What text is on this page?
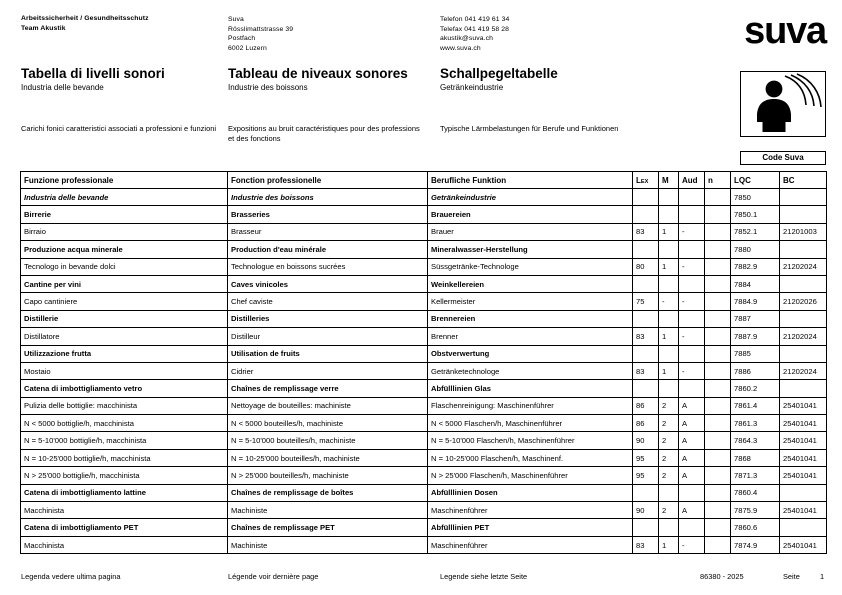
Arbeitssicherheit / Gesundheitsschutz
Team Akustik
Suva
Rösslimattstrasse 39
Postfach
6002 Luzern
Telefon 041 419 61 34
Telefax 041 419 58 28
akustik@suva.ch
www.suva.ch	suva
Tabella di livelli sonori
Industria delle bevande
Tableau de niveaux sonores
Industrie des boissons
Schallpegeltabelle
Getränkeindustrie
Carichi fonici caratteristici associati a professioni e funzioni	Expositions au bruit caractéristiques pour des professions et des fonctions
Typische Lärmbelastungen für Berufe und Funktionen
Code Suva
Funzione professionale	Fonction professionelle	Berufliche Funktion	LEX	M	Aud	n	LQC	BC
Industria delle bevande	Industrie des boissons	Getränkeindustrie					7850	
Birrerie	Brasseries	Brauereien					7850.1	
Birraio	Brasseur	Brauer	83	1	-		7852.1	21201003
Produzione acqua minerale	Production d'eau minérale	Mineralwasser-Herstellung					7880	
Tecnologo in bevande dolci	Technologue en boissons sucrées	Süssgetränke-Technologe	80	1	-		7882.9	21202024
Cantine per vini	Caves vinicoles	Weinkellereien					7884	
Capo cantiniere	Chef caviste	Kellermeister	75	-	-		7884.9	21202026
Distillerie	Distilleries	Brennereien					7887	
Distillatore	Distilleur	Brenner	83	1	-		7887.9	21202024
Utilizzazione frutta	Utilisation de fruits	Obstverwertung					7885	
Mostaio	Cidrier	Getränketechnologe	83	1	-		7886	21202024
Catena di imbottigliamento vetro	Chaînes de remplissage verre	Abfülllinien Glas					7860.2	
Pulizia delle bottiglie: macchinista	Nettoyage de bouteilles: machiniste	Flaschenreinigung: Maschinenführer	86	2	A		7861.4	25401041
N < 5000 bottiglie/h, macchinista	N < 5000 bouteilles/h, machiniste	N < 5000 Flaschen/h, Maschinenführer	86	2	A		7861.3	25401041
N = 5-10'000 bottiglie/h, macchinista	N = 5-10'000 bouteilles/h, machiniste	N = 5-10'000 Flaschen/h, Maschinenführer	90	2	A		7864.3	25401041
N = 10-25'000 bottiglie/h, macchinista	N = 10-25'000 bouteilles/h, machiniste	N = 10-25'000 Flaschen/h, Maschinenf.	95	2	A		7868	25401041
N > 25'000 bottiglie/h, macchinista	N > 25'000 bouteilles/h, machiniste	N > 25'000 Flaschen/h, Maschinenführer	95	2	A		7871.3	25401041
Catena di imbottigliamento lattine	Chaînes de remplissage de boîtes	Abfülllinien Dosen					7860.4	
Macchinista	Machiniste	Maschinenführer	90	2	A		7875.9	25401041
Catena di imbottigliamento PET	Chaînes de remplissage PET	Abfülllinien PET					7860.6	
Macchinista	Machiniste	Maschinenführer	83	1	-		7874.9	25401041
Legenda vedere ultima pagina	Légende voir dernière page	Legende siehe letzte Seite	86380 - 2025	Seite	1
